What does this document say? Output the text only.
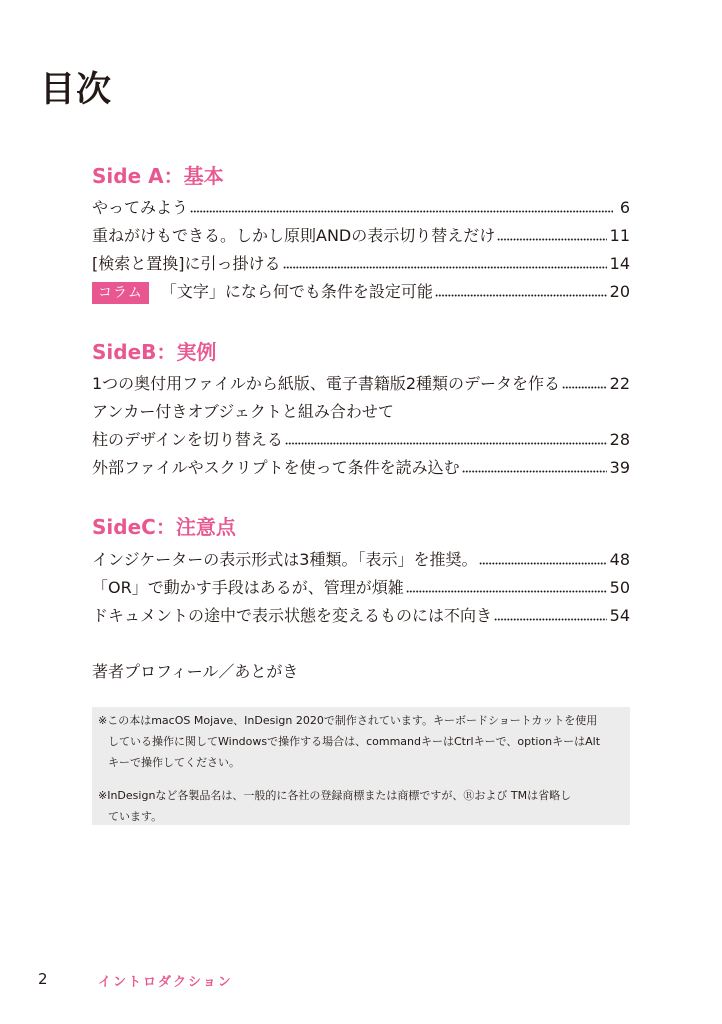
目次
Side A：基本
やってみよう	6
重ねがけもできる。しかし原則ANDの表示切り替えだけ	11
[検索と置換]に引っ掛ける	14
コラム	「文字」になら何でも条件を設定可能	20
SideB：実例
1つの奥付用ファイルから紙版、電子書籍版2種類のデータを作る	22
アンカー付きオブジェクトと組み合わせて
柱のデザインを切り替える	28
外部ファイルやスクリプトを使って条件を読み込む	39
SideC：注意点
インジケーターの表示形式は3種類。「表示」を推奨。	48
「OR」で動かす手段はあるが、管理が煩雑	50
ドキュメントの途中で表示状態を変えるものには不向き	54
著者プロフィール／あとがき
※この本はmacOS Mojave、InDesign 2020で制作されています。キーボードショートカットを使用
している操作に関してWindowsで操作する場合は、commandキーはCtrlキーで、optionキーはAlt
キーで操作してください。
※InDesignなど各製品名は、一般的に各社の登録商標または商標ですが、Ⓡおよび TMは省略し
ています。
2	イントロダクション
